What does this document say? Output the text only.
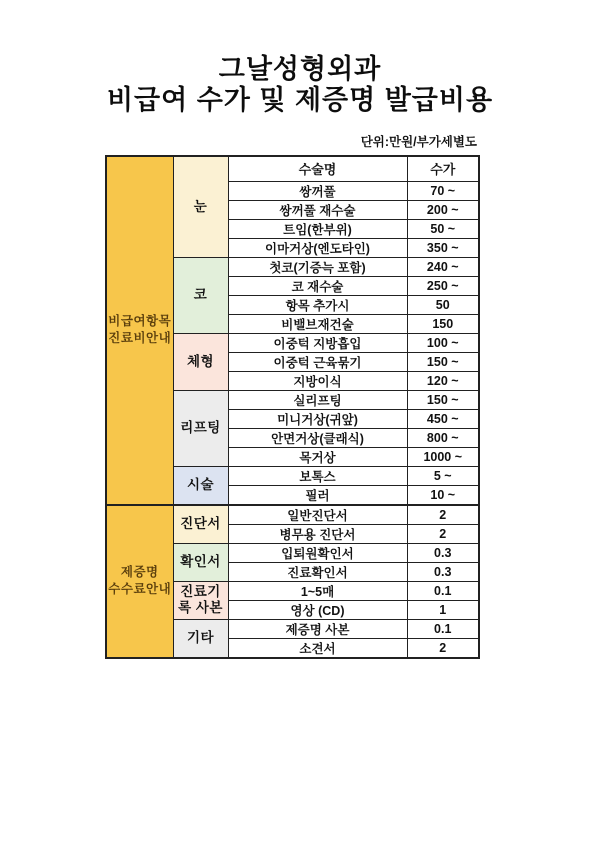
그날성형외과
비급여 수가 및 제증명 발급비용
단위:만원/부가세별도
비급여항목
진료비안내	눈	수술명	수가
		쌍꺼풀	70 ~
		쌍꺼풀 재수술	200 ~
		트임(한부위)	50 ~
		이마거상(엔도타인)	350 ~
	코	첫코(기증늑 포함)	240 ~
		코 재수술	250 ~
		항목 추가시	50
		비밸브재건술	150
	체형	이중턱 지방흡입	100 ~
		이중턱 근육묶기	150 ~
		지방이식	120 ~
	리프팅	실리프팅	150 ~
		미니거상(귀앞)	450 ~
		안면거상(클래식)	800 ~
		목거상	1000 ~
	시술	보톡스	5 ~
		필러	10 ~

제증명
수수료안내	진단서	일반진단서	2
		병무용 진단서	2
	확인서	입퇴원확인서	0.3
		진료확인서	0.3
	진료기록 사본	1~5매	0.1
		영상 (CD)	1
	기타	제증명 사본	0.1
		소견서	2
